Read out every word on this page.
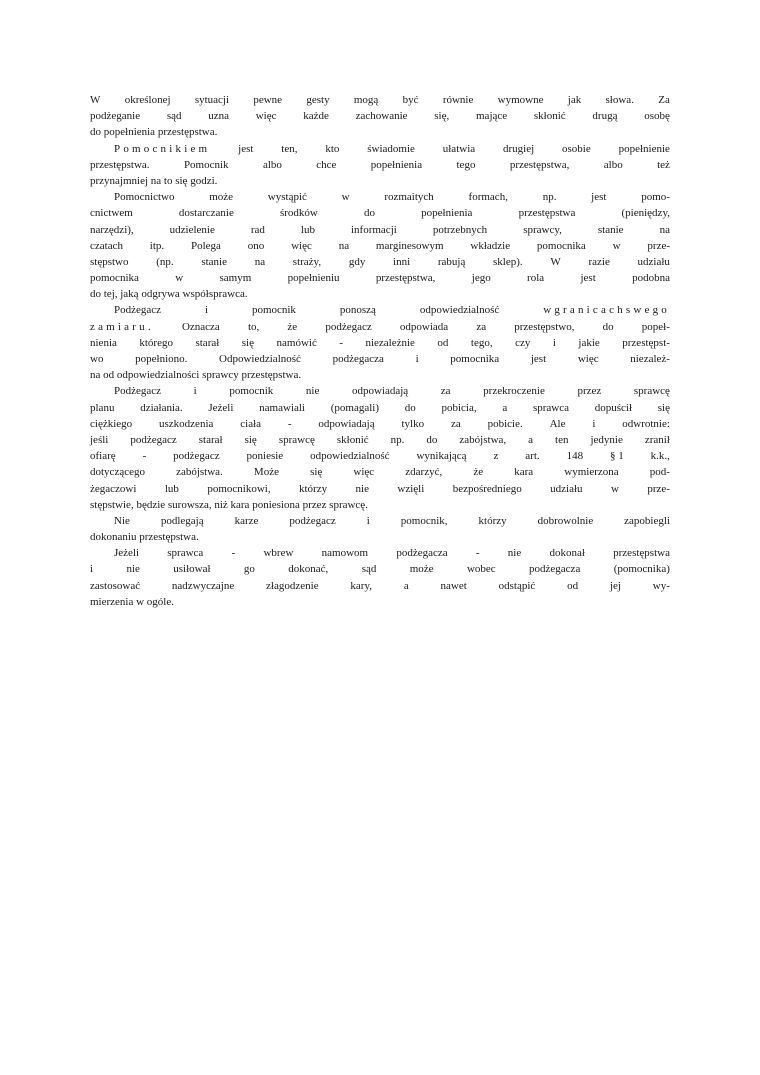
W określonej sytuacji pewne gesty mogą być równie wymowne jak słowa. Za
podżeganie sąd uzna więc każde zachowanie się, mające skłonić drugą osobę
do popełnienia przestępstwa.
Pomocnikiem	jest	ten,	kto	świadomie	ułatwia	drugiej	osobie	popełnienie
przestępstwa.	Pomocnik	albo	chce	popełnienia	tego	przestępstwa,	albo	też
przynajmniej na to się godzi.
Pomocnictwo	może	wystąpić	w	rozmaitych	formach,	np.	jest	pomo-
cnictwem	dostarczanie	środków	do	popełnienia	przestępstwa	(pieniędzy,
narzędzi),	udzielenie	rad	lub	informacji	potrzebnych	sprawcy,	stanie	na
czatach itp. Polega ono więc na marginesowym wkładzie pomocnika w prze-
stępstwo	(np.	stanie	na	straży,	gdy	inni	rabują	sklep).	W	razie	udziału
pomocnika	w	samym	popełnieniu	przestępstwa,	jego	rola	jest	podobna
do tej, jaką odgrywa współsprawca.
Podżegacz	i	pomocnik	ponoszą	odpowiedzialność	wgranicachswego
zamiaru.	Oznacza	to,	że	podżegacz	odpowiada	za	przestępstwo,	do	popeł-
nienia którego starał się namówić - niezależnie od tego, czy i jakie przestępst-
wo	popełniono.	Odpowiedzialność	podżegacza	i	pomocnika	jest	więc	niezależ-
na od odpowiedzialności sprawcy przestępstwa.
Podżegacz	i	pomocnik	nie	odpowiadają	za	przekroczenie	przez	sprawcę
planu działania. Jeżeli namawiali (pomagali) do pobicia, a sprawca dopuścił się
ciężkiego uszkodzenia ciała - odpowiadają tylko za pobicie. Ale i odwrotnie:
jeśli podżegacz starał się sprawcę skłonić np. do zabójstwa, a ten jedynie zranił
ofiarę - podżegacz poniesie odpowiedzialność wynikającą z art. 148 § 1 k.k.,
dotyczącego	zabójstwa.	Może	się	więc	zdarzyć,	że	kara	wymierzona	pod-
żegaczowi	lub	pomocnikowi,	którzy	nie	wzięli	bezpośredniego	udziału	w	prze-
stępstwie, będzie surowsza, niż kara poniesiona przez sprawcę.
Nie	podlegają	karze	podżegacz	i	pomocnik,	którzy	dobrowolnie	zapobiegli
dokonaniu przestępstwa.
Jeżeli	sprawca	-	wbrew	namowom	podżegacza	-	nie	dokonał	przestępstwa
i	nie	usiłował	go	dokonać,	sąd	może	wobec	podżegacza	(pomocnika)
zastosować	nadzwyczajne	złagodzenie	kary,	a	nawet	odstąpić	od	jej	wy-
mierzenia w ogóle.
